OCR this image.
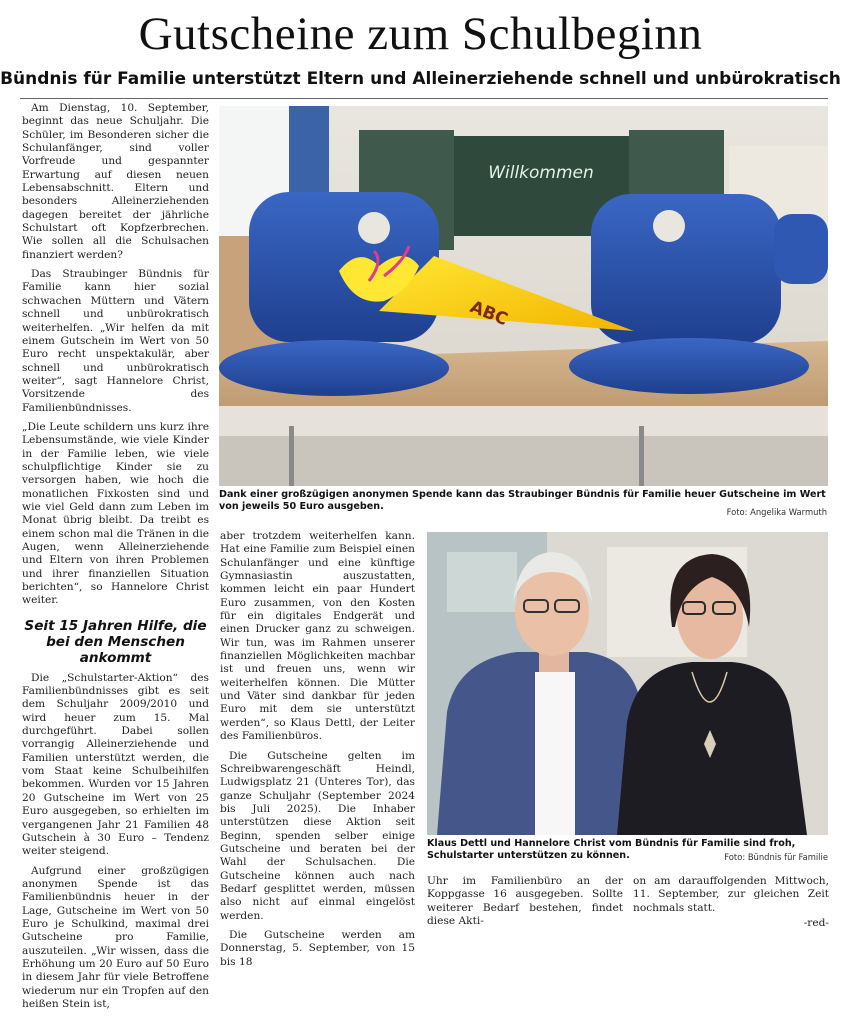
Gutscheine zum Schulbeginn
Bündnis für Familie unterstützt Eltern und Alleinerziehende schnell und unbürokratisch

Am Dienstag, 10. September, beginnt das neue Schuljahr. Die Schüler, im Besonderen sicher die Schulanfänger, sind voller Vorfreude und gespannter Erwartung auf diesen neuen Lebensabschnitt. Eltern und besonders Alleinerziehenden dagegen bereitet der jährliche Schulstart oft Kopfzerbrechen. Wie sollen all die Schulsachen finanziert werden?

Das Straubinger Bündnis für Familie kann hier sozial schwachen Müttern und Vätern schnell und unbürokratisch weiterhelfen. „Wir helfen da mit einem Gutschein im Wert von 50 Euro recht unspektakulär, aber schnell und unbürokratisch weiter“, sagt Hannelore Christ, Vorsitzende des Familienbündnisses.

„Die Leute schildern uns kurz ihre Lebensumstände, wie viele Kinder in der Familie leben, wie viele schulpflichtige Kinder sie zu versorgen haben, wie hoch die monatlichen Fixkosten sind und wie viel Geld dann zum Leben im Monat übrig bleibt. Da treibt es einem schon mal die Tränen in die Augen, wenn Alleinerziehende und Eltern von ihren Problemen und ihrer finanziellen Situation berichten“, so Hannelore Christ weiter.

Seit 15 Jahren Hilfe, die bei den Menschen ankommt

Die „Schulstarter-Aktion“ des Familienbündnisses gibt es seit dem Schuljahr 2009/2010 und wird heuer zum 15. Mal durchgeführt. Dabei sollen vorrangig Alleinerziehende und Familien unterstützt werden, die vom Staat keine Schulbeihilfen bekommen. Wurden vor 15 Jahren 20 Gutscheine im Wert von 25 Euro ausgegeben, so erhielten im vergangenen Jahr 21 Familien 48 Gutschein à 30 Euro – Tendenz weiter steigend.

Aufgrund einer großzügigen anonymen Spende ist das Familienbündnis heuer in der Lage, Gutscheine im Wert von 50 Euro je Schulkind, maximal drei Gutscheine pro Familie, auszuteilen. „Wir wissen, dass die Erhöhung um 20 Euro auf 50 Euro in diesem Jahr für viele Betroffene wiederum nur ein Tropfen auf den heißen Stein ist,

Willkommen
ABC
Dank einer großzügigen anonymen Spende kann das Straubinger Bündnis für Familie heuer Gutscheine im Wert von jeweils 50 Euro ausgeben.	Foto: Angelika Warmuth

aber trotzdem weiterhelfen kann. Hat eine Familie zum Beispiel einen Schulanfänger und eine künftige Gymnasiastin auszustatten, kommen leicht ein paar Hundert Euro zusammen, von den Kosten für ein digitales Endgerät und einen Drucker ganz zu schweigen. Wir tun, was im Rahmen unserer finanziellen Möglichkeiten machbar ist und freuen uns, wenn wir weiterhelfen können. Die Mütter und Väter sind dankbar für jeden Euro mit dem sie unterstützt werden“, so Klaus Dettl, der Leiter des Familienbüros.

Die Gutscheine gelten im Schreibwarengeschäft Heindl, Ludwigsplatz 21 (Unteres Tor), das ganze Schuljahr (September 2024 bis Juli 2025). Die Inhaber unterstützen diese Aktion seit Beginn, spenden selber einige Gutscheine und beraten bei der Wahl der Schulsachen. Die Gutscheine können auch nach Bedarf gesplittet werden, müssen also nicht auf einmal eingelöst werden.

Die Gutscheine werden am Donnerstag, 5. September, von 15 bis 18

Klaus Dettl und Hannelore Christ vom Bündnis für Familie sind froh, Schulstarter unterstützen zu können.	Foto: Bündnis für Familie

Uhr im Familienbüro an der Koppgasse 16 ausgegeben. Sollte weiterer Bedarf bestehen, findet diese Akti-

on am darauffolgenden Mittwoch, 11. September, zur gleichen Zeit nochmals statt.

-red-
